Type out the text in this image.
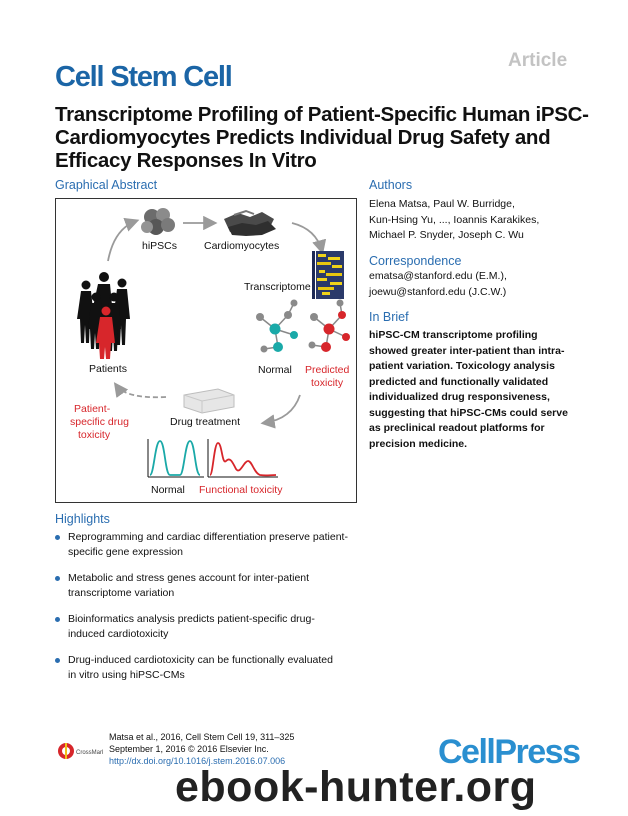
Article
Cell Stem Cell
Transcriptome Profiling of Patient-Specific Human iPSC-Cardiomyocytes Predicts Individual Drug Safety and Efficacy Responses In Vitro
Graphical Abstract
hiPSCs	Cardiomyocytes
Transcriptome
Normal Predicted
toxicity
Drug treatment
Patients
Patient-
specific drug
toxicity
Normal Functional toxicity
Authors
Elena Matsa, Paul W. Burridge,
Kun-Hsing Yu, ..., Ioannis Karakikes,
Michael P. Snyder, Joseph C. Wu
Correspondence
ematsa@stanford.edu (E.M.),
joewu@stanford.edu (J.C.W.)
In Brief
hiPSC-CM transcriptome profiling
showed greater inter-patient than intra-
patient variation. Toxicology analysis
predicted and functionally validated
individualized drug responsiveness,
suggesting that hiPSC-CMs could serve
as preclinical readout platforms for
precision medicine.
Highlights
Reprogramming and cardiac differentiation preserve patient-
specific gene expression
Metabolic and stress genes account for inter-patient
transcriptome variation
Bioinformatics analysis predicts patient-specific drug-
induced cardiotoxicity
Drug-induced cardiotoxicity can be functionally evaluated
in vitro using hiPSC-CMs
CrossMark
Matsa et al., 2016, Cell Stem Cell 19, 311–325
September 1, 2016 © 2016 Elsevier Inc.
http://dx.doi.org/10.1016/j.stem.2016.07.006	CellPress
ebook-hunter.org
